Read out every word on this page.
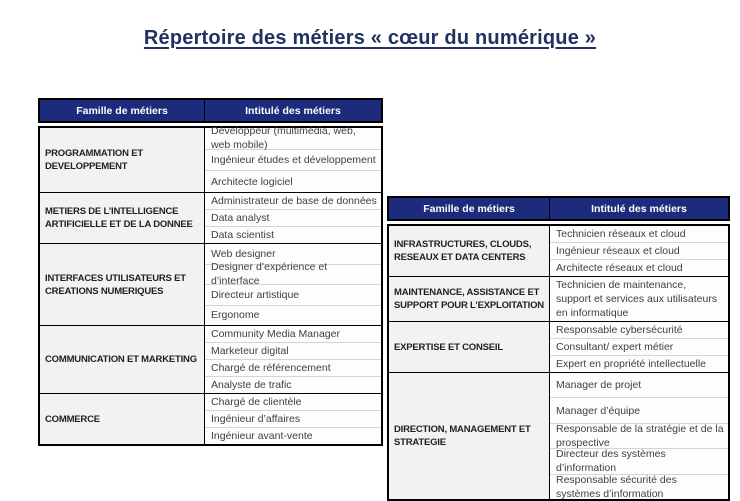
Répertoire des métiers « cœur du numérique »
Famille de métiers	Intitulé des métiers
PROGRAMMATION ET DEVELOPPEMENT
Développeur (multimédia, web, web mobile)
Ingénieur études et développement
Architecte logiciel
METIERS DE L’INTELLIGENCE ARTIFICIELLE ET DE LA DONNEE
Administrateur de base de données
Data analyst
Data scientist
INTERFACES UTILISATEURS ET CREATIONS NUMERIQUES
Web designer
Designer d’expérience et d’interface
Directeur artistique
Ergonome
COMMUNICATION ET MARKETING
Community Media Manager
Marketeur digital
Chargé de référencement
Analyste de trafic
COMMERCE
Chargé de clientèle
Ingénieur d’affaires
Ingénieur avant-vente
Famille de métiers	Intitulé des métiers
INFRASTRUCTURES, CLOUDS, RESEAUX ET DATA CENTERS
Technicien réseaux et cloud
Ingénieur réseaux et cloud
Architecte réseaux et cloud
MAINTENANCE, ASSISTANCE ET SUPPORT POUR L’EXPLOITATION
Technicien de maintenance, support et services aux utilisateurs en informatique
EXPERTISE ET CONSEIL
Responsable cybersécurité
Consultant/ expert métier
Expert en propriété intellectuelle
DIRECTION, MANAGEMENT ET STRATEGIE
Manager de projet
Manager d’équipe
Responsable de la stratégie et de la prospective
Directeur des systèmes d’information
Responsable sécurité des systèmes d’information
